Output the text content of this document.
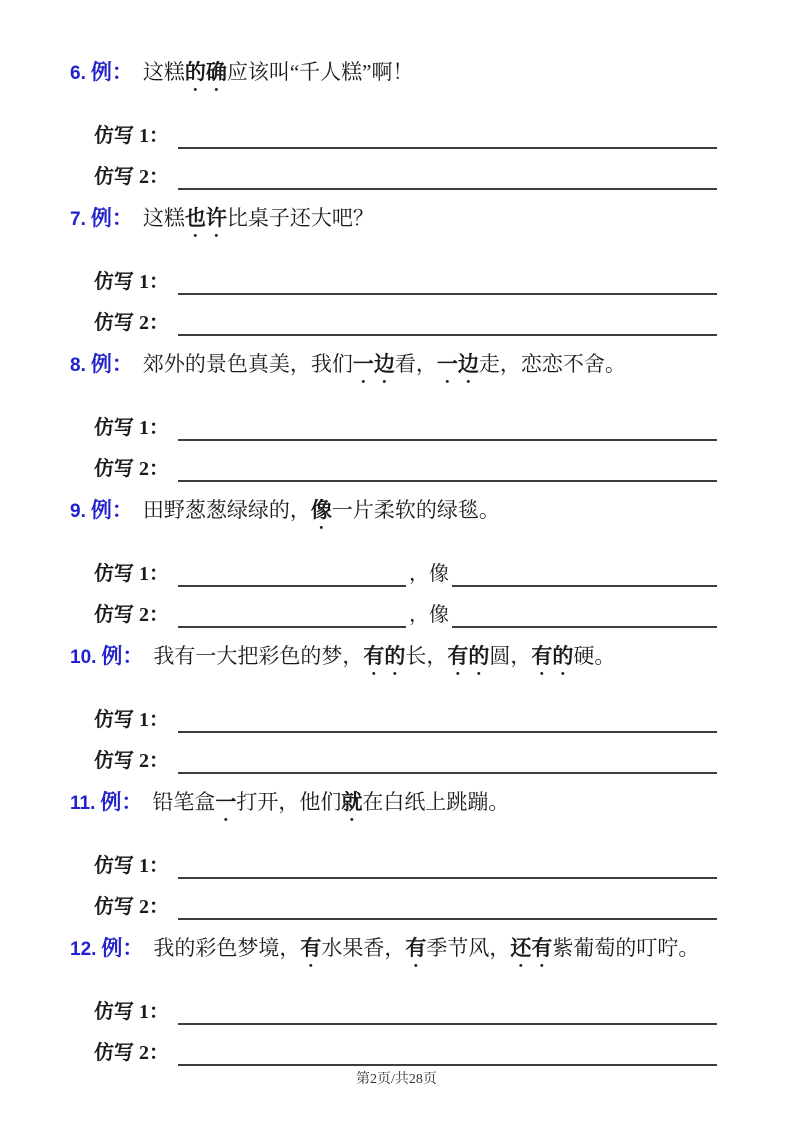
6. 例： 这糕的确应该叫“千人糕”啊！
仿写 1：
仿写 2：
7. 例： 这糕也许比桌子还大吧？
仿写 1：
仿写 2：
8. 例： 郊外的景色真美，我们一边看，一边走，恋恋不舍。
仿写 1：
仿写 2：
9. 例： 田野葱葱绿绿的，像一片柔软的绿毯。
仿写 1：	，像
仿写 2：	，像
10. 例： 我有一大把彩色的梦，有的长，有的圆，有的硬。
仿写 1：
仿写 2：
11. 例： 铅笔盒一打开，他们就在白纸上跳蹦。
仿写 1：
仿写 2：
12. 例： 我的彩色梦境，有水果香，有季节风，还有紫葡萄的叮咛。
仿写 1：
仿写 2：
第2页/共28页
